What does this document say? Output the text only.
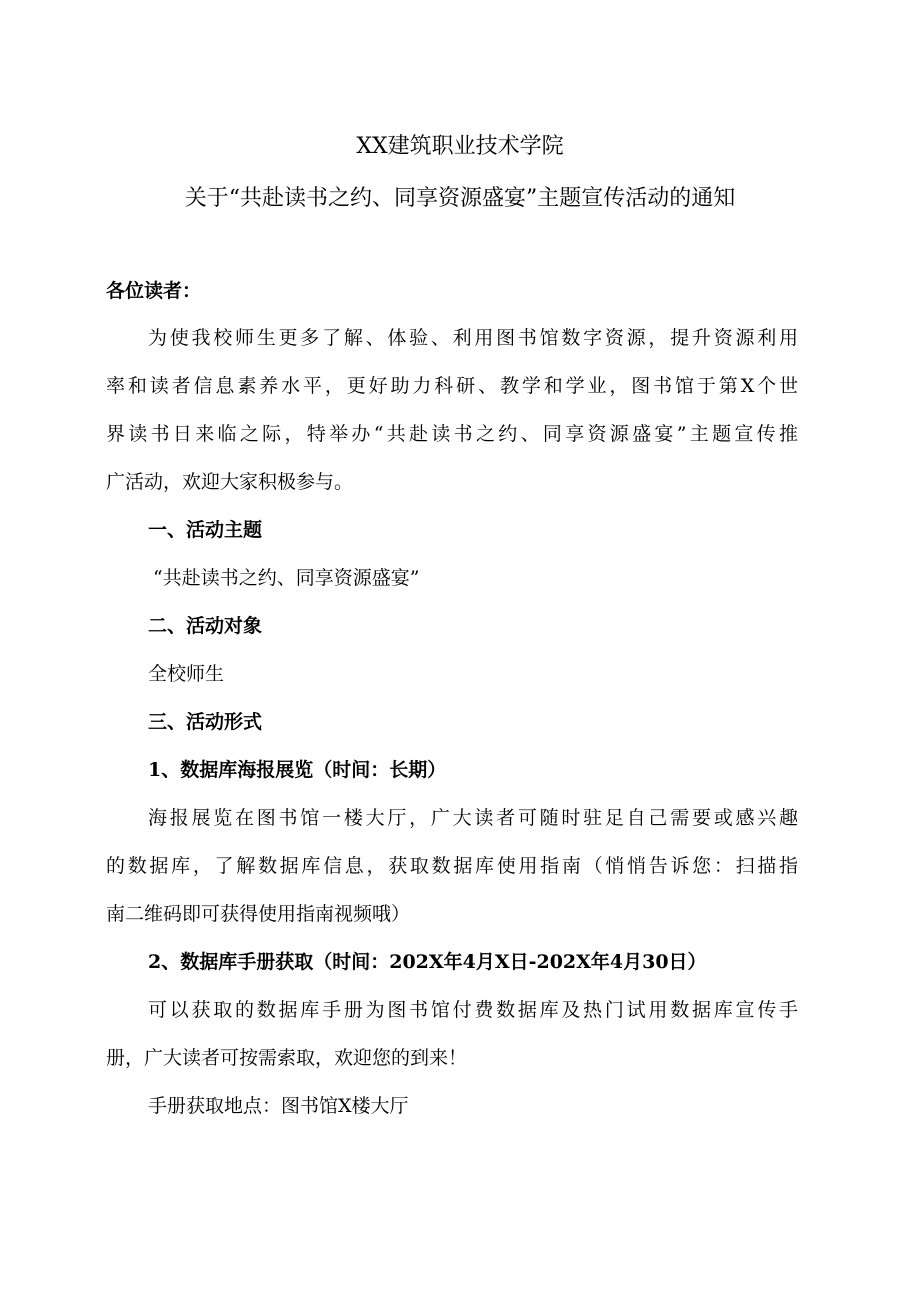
XX建筑职业技术学院
关于“共赴读书之约、同享资源盛宴”主题宣传活动的通知
各位读者：
为使我校师生更多了解、体验、利用图书馆数字资源，提升资源利用
率和读者信息素养水平，更好助力科研、教学和学业，图书馆于第X个世
界读书日来临之际，特举办“共赴读书之约、同享资源盛宴”主题宣传推
广活动，欢迎大家积极参与。
一、活动主题
“共赴读书之约、同享资源盛宴”
二、活动对象
全校师生
三、活动形式
1、数据库海报展览（时间：长期）
海报展览在图书馆一楼大厅，广大读者可随时驻足自己需要或感兴趣
的数据库，了解数据库信息，获取数据库使用指南（悄悄告诉您：扫描指
南二维码即可获得使用指南视频哦）
2、数据库手册获取（时间：202X年4月X日-202X年4月30日）
可以获取的数据库手册为图书馆付费数据库及热门试用数据库宣传手
册，广大读者可按需索取，欢迎您的到来！
手册获取地点：图书馆X楼大厅
